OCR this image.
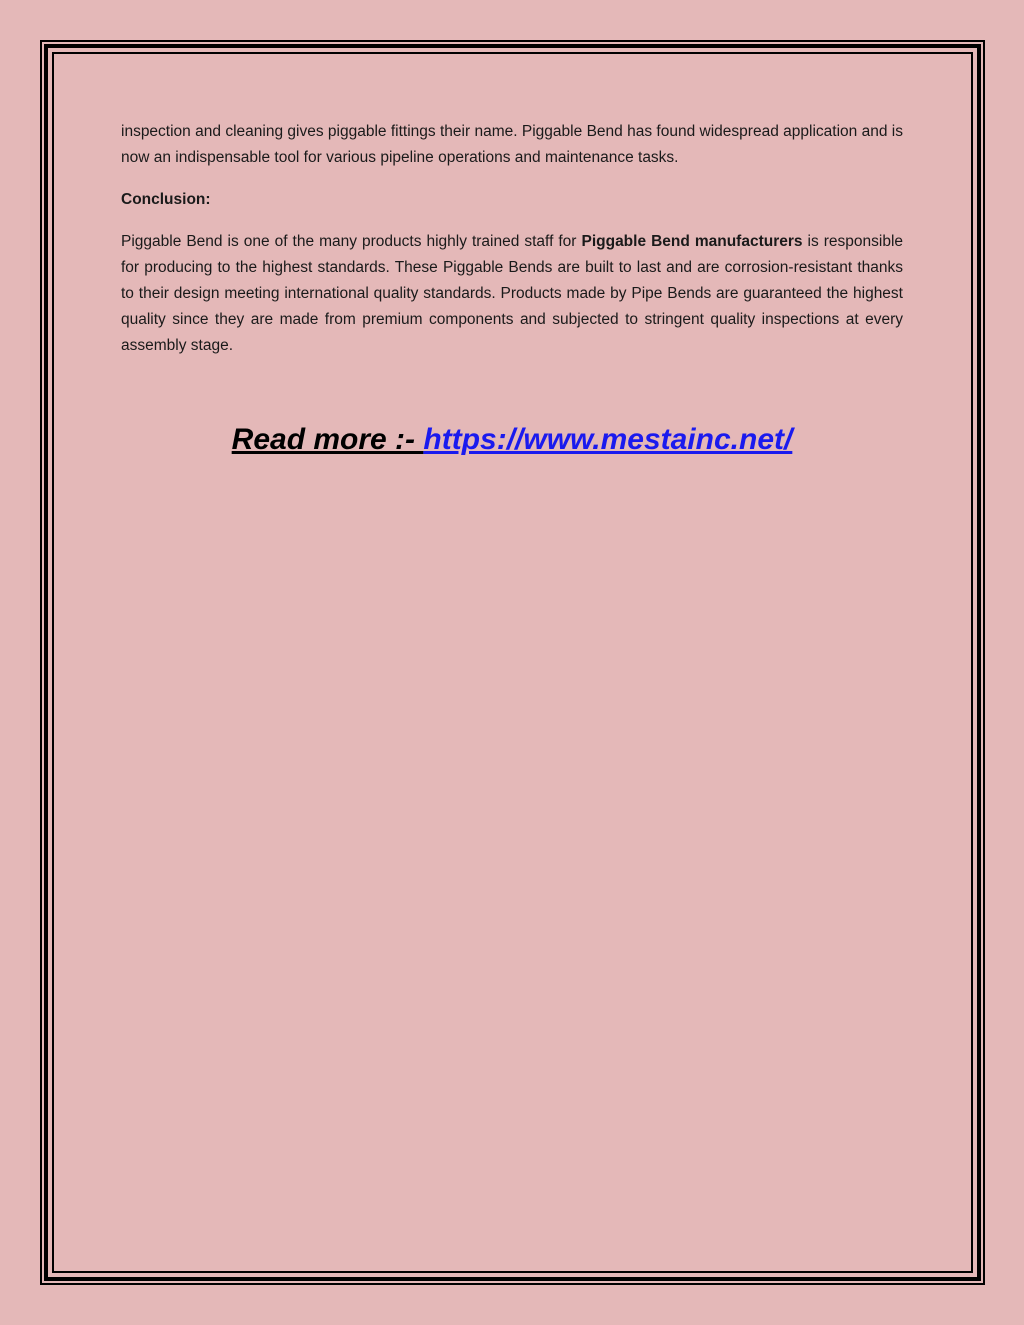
inspection and cleaning gives piggable fittings their name. Piggable Bend has found widespread application and is now an indispensable tool for various pipeline operations and maintenance tasks.

Conclusion:

Piggable Bend is one of the many products highly trained staff for Piggable Bend manufacturers is responsible for producing to the highest standards. These Piggable Bends are built to last and are corrosion-resistant thanks to their design meeting international quality standards. Products made by Pipe Bends are guaranteed the highest quality since they are made from premium components and subjected to stringent quality inspections at every assembly stage.

Read more :- https://www.mestainc.net/
